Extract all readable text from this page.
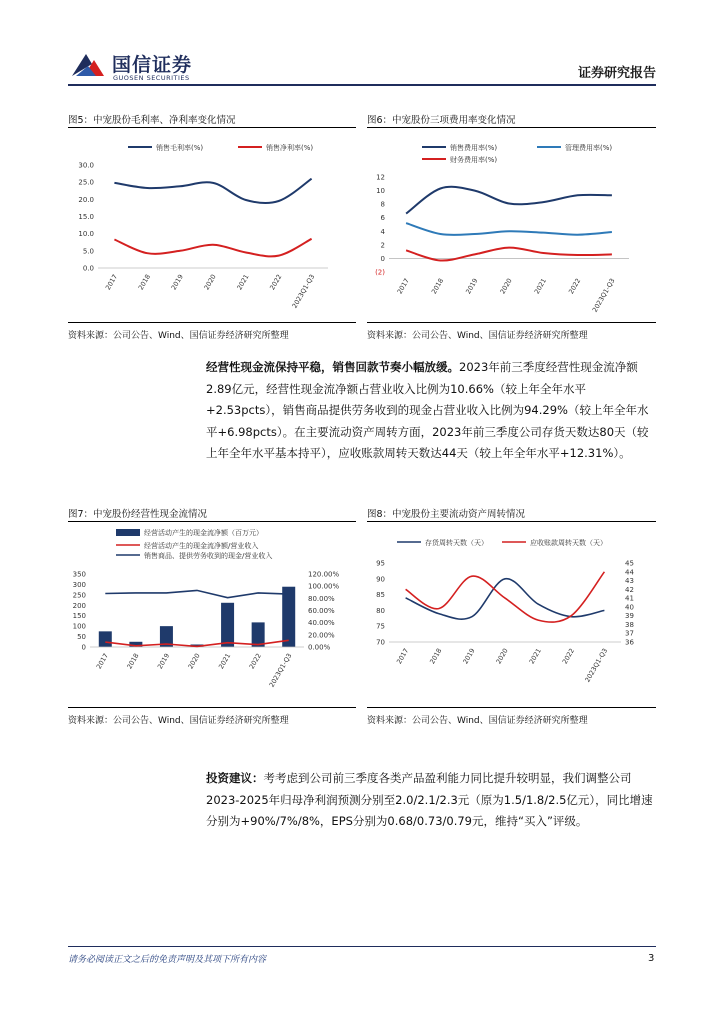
国信证券
GUOSEN SECURITIES	证券研究报告
图5：中宠股份毛利率、净利率变化情况
0.0
5.0
10.0
15.0
20.0
25.0
30.0
2017	2018	2019	2020	2021	2022 2023Q1-Q3
销售毛利率(%)	销售净利率(%)
资料来源：公司公告、Wind、国信证券经济研究所整理
图6：中宠股份三项费用率变化情况
(2)
0
2
4
6
8
10
12
2017	2018	2019	2020	2021	2022 2023Q1-Q3
销售费用率(%)	管理费用率(%)
财务费用率(%)
资料来源：公司公告、Wind、国信证券经济研究所整理
经营性现金流保持平稳，销售回款节奏小幅放缓。2023年前三季度经营性现金流净额2.89亿元，经营性现金流净额占营业收入比例为10.66%（较上年全年水平+2.53pcts），销售商品提供劳务收到的现金占营业收入比例为94.29%（较上年全年水平+6.98pcts）。在主要流动资产周转方面，2023年前三季度公司存货天数达80天（较上年全年水平基本持平），应收账款周转天数达44天（较上年全年水平+12.31%）。
图7：中宠股份经营性现金流情况
0
50
100
150
200
250
300
350
0.00%
20.00%
40.00%
60.00%
80.00%
100.00%
120.00%
2017 2018 2019 2020 2021 2022 2023Q1-Q3
经营活动产生的现金流净额（百万元）
经营活动产生的现金流净额/营业收入
销售商品、提供劳务收到的现金/营业收入
资料来源：公司公告、Wind、国信证券经济研究所整理
图8：中宠股份主要流动资产周转情况
70
75
80
85
90
95
36
37
38
39
40
41
42
43
44
45
2017	2018	2019	2020	2021	2022 2023Q1-Q3
存货周转天数（天）	应收账款周转天数（天）
资料来源：公司公告、Wind、国信证券经济研究所整理
投资建议：考考虑到公司前三季度各类产品盈利能力同比提升较明显，我们调整公司2023-2025年归母净利润预测分别至2.0/2.1/2.3元（原为1.5/1.8/2.5亿元），同比增速分别为+90%/7%/8%，EPS分别为0.68/0.73/0.79元，维持“买入”评级。
请务必阅读正文之后的免责声明及其项下所有内容	3
